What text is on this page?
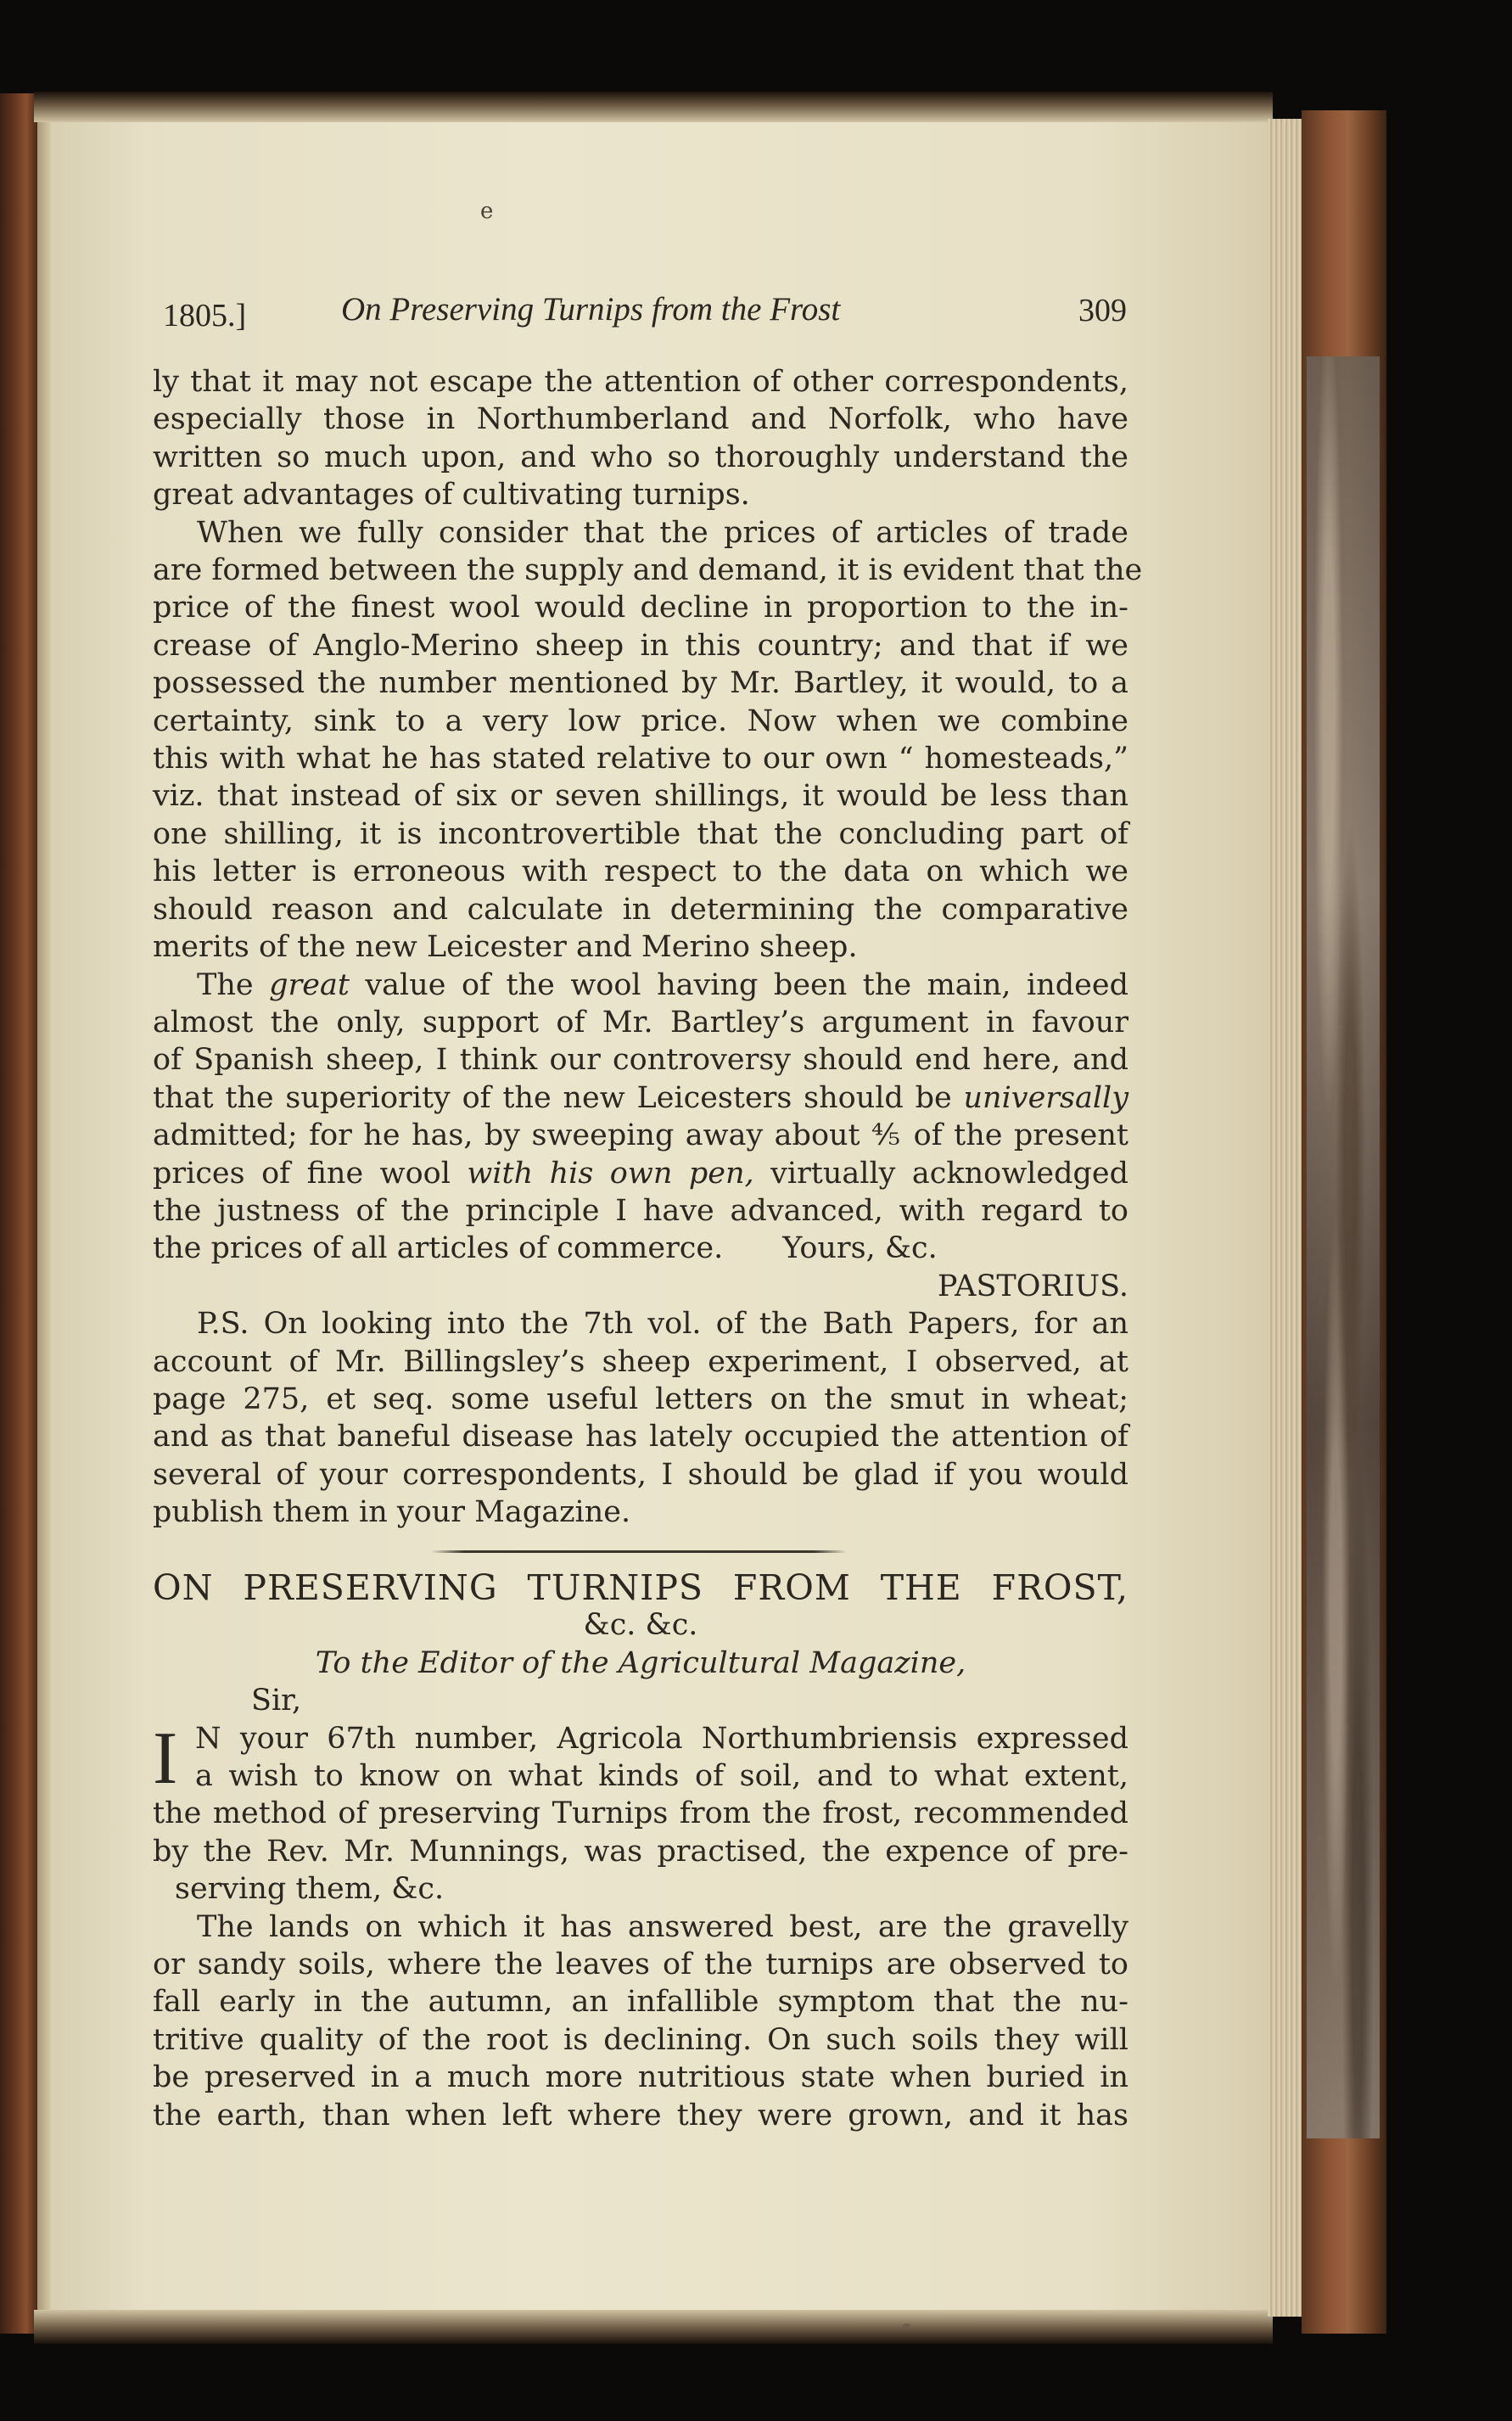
e
1805.]	On Preserving Turnips from the Frost	309
ly that it may not escape the attention of other correspondents,
especially those in Northumberland and Norfolk, who have
written so much upon, and who so thoroughly understand the
great advantages of cultivating turnips.
When we fully consider that the prices of articles of trade
are formed between the supply and demand, it is evident that the
price of the finest wool would decline in proportion to the in-
crease of Anglo-Merino sheep in this country; and that if we
possessed the number mentioned by Mr. Bartley, it would, to a
certainty, sink to a very low price. Now when we combine
this with what he has stated relative to our own “ homesteads,”
viz. that instead of six or seven shillings, it would be less than
one shilling, it is incontrovertible that the concluding part of
his letter is erroneous with respect to the data on which we
should reason and calculate in determining the comparative
merits of the new Leicester and Merino sheep.
The great value of the wool having been the main, indeed
almost the only, support of Mr. Bartley’s argument in favour
of Spanish sheep, I think our controversy should end here, and
that the superiority of the new Leicesters should be universally
admitted; for he has, by sweeping away about ⅘ of the present
prices of fine wool with his own pen, virtually acknowledged
the justness of the principle I have advanced, with regard to
the prices of all articles of commerce. Yours, &c.
PASTORIUS.
P.S. On looking into the 7th vol. of the Bath Papers, for an
account of Mr. Billingsley’s sheep experiment, I observed, at
page 275, et seq. some useful letters on the smut in wheat;
and as that baneful disease has lately occupied the attention of
several of your correspondents, I should be glad if you would
publish them in your Magazine.
ON PRESERVING TURNIPS FROM THE FROST,
&c. &c.
To the Editor of the Agricultural Magazine,
Sir,
I N your 67th number, Agricola Northumbriensis expressed
a wish to know on what kinds of soil, and to what extent,
the method of preserving Turnips from the frost, recommended
by the Rev. Mr. Munnings, was practised, the expence of pre-
serving them, &c.
The lands on which it has answered best, are the gravelly
or sandy soils, where the leaves of the turnips are observed to
fall early in the autumn, an infallible symptom that the nu-
tritive quality of the root is declining. On such soils they will
be preserved in a much more nutritious state when buried in
the earth, than when left where they were grown, and it has
